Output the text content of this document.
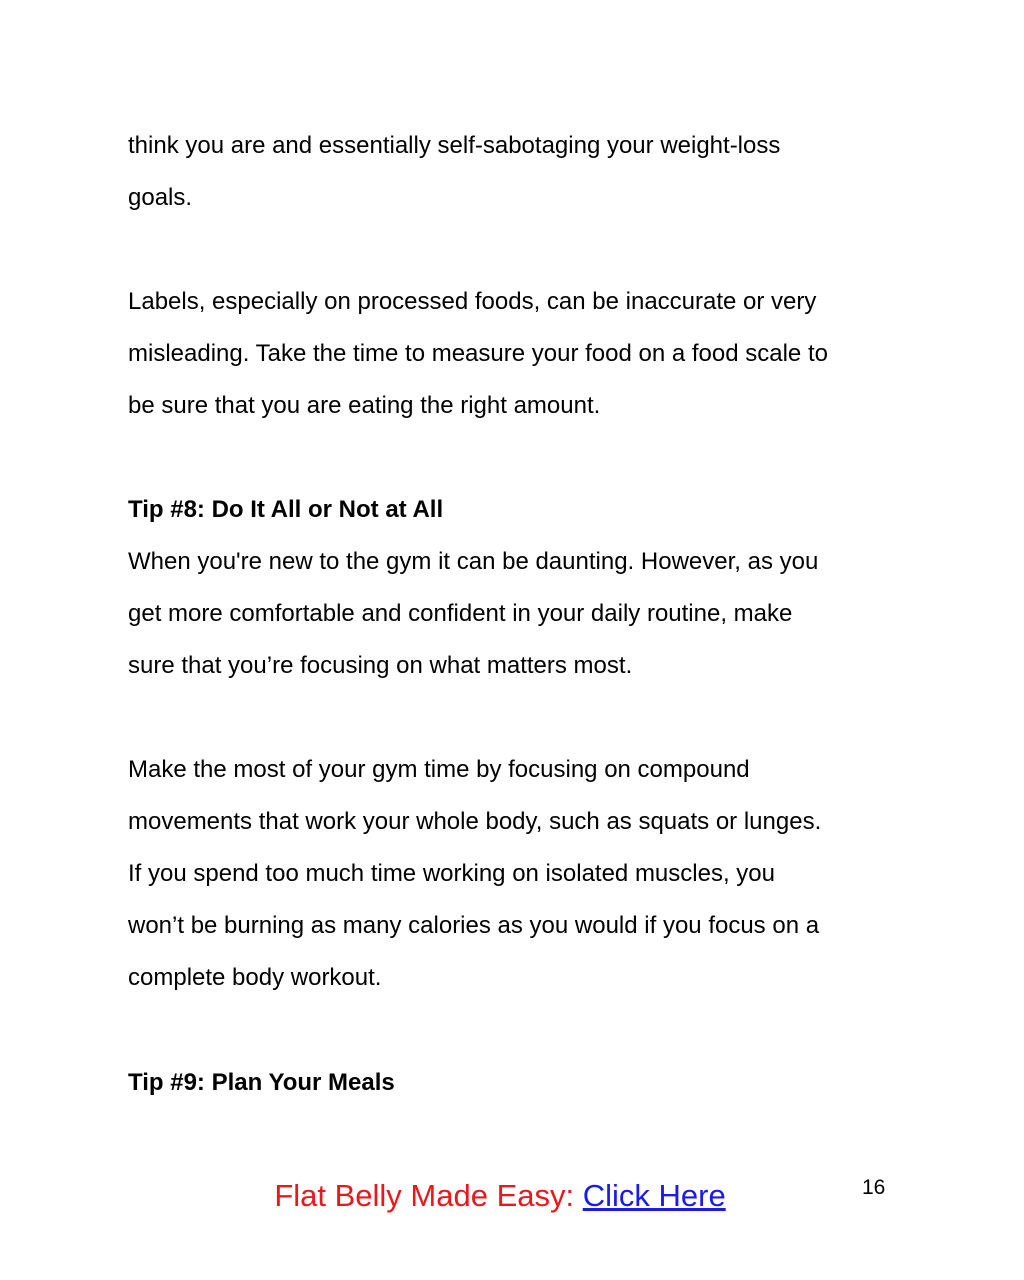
think you are and essentially self-sabotaging your weight-loss
goals.
Labels, especially on processed foods, can be inaccurate or very
misleading. Take the time to measure your food on a food scale to
be sure that you are eating the right amount.
Tip #8: Do It All or Not at All
When you're new to the gym it can be daunting. However, as you
get more comfortable and confident in your daily routine, make
sure that you’re focusing on what matters most.
Make the most of your gym time by focusing on compound
movements that work your whole body, such as squats or lunges.
If you spend too much time working on isolated muscles, you
won’t be burning as many calories as you would if you focus on a
complete body workout.
Tip #9: Plan Your Meals
Flat Belly Made Easy: Click Here	16
